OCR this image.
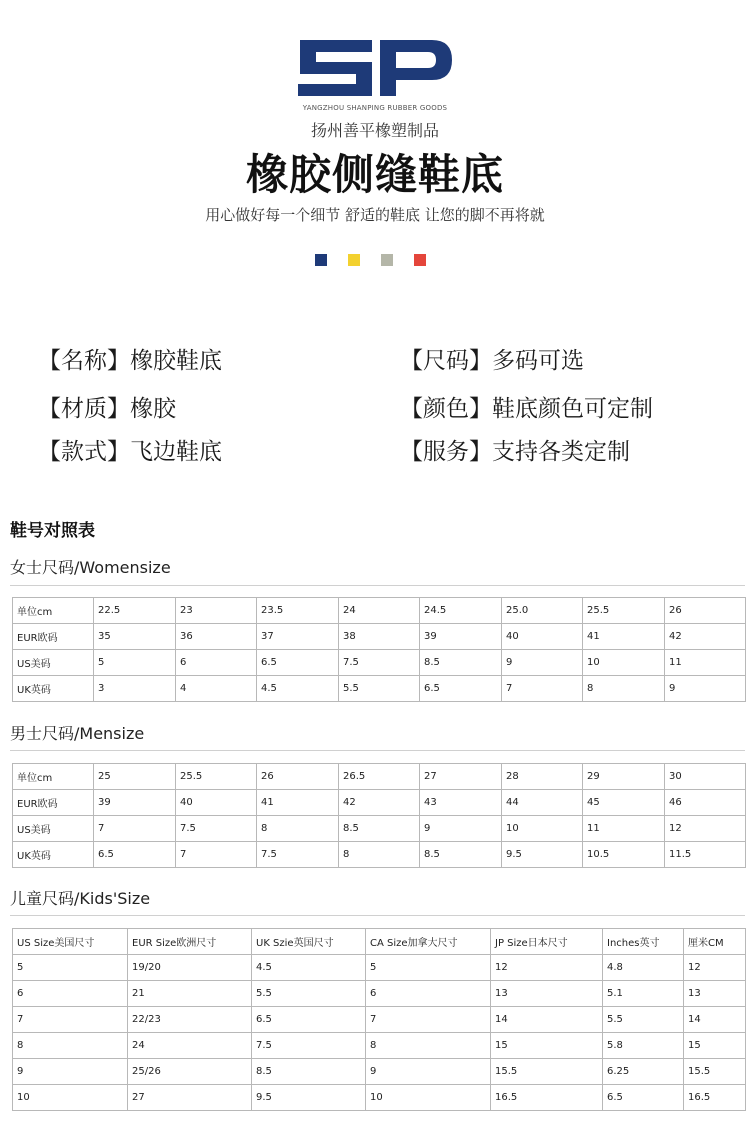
YANGZHOU SHANPING RUBBER GOODS
扬州善平橡塑制品
橡胶侧缝鞋底
用心做好每一个细节 舒适的鞋底 让您的脚不再将就
【名称】橡胶鞋底	【尺码】多码可选
【材质】橡胶	【颜色】鞋底颜色可定制
【款式】飞边鞋底	【服务】支持各类定制
鞋号对照表
女士尺码/Womensize
单位cm	22.5	23	23.5	24	24.5	25.0	25.5	26
EUR欧码	35	36	37	38	39	40	41	42
US美码	5	6	6.5	7.5	8.5	9	10	11
UK英码	3	4	4.5	5.5	6.5	7	8	9
男士尺码/Mensize
单位cm	25	25.5	26	26.5	27	28	29	30
EUR欧码	39	40	41	42	43	44	45	46
US美码	7	7.5	8	8.5	9	10	11	12
UK英码	6.5	7	7.5	8	8.5	9.5	10.5	11.5
儿童尺码/Kids'Size
US Size美国尺寸	EUR Size欧洲尺寸	UK Szie英国尺寸	CA Size加拿大尺寸	JP Size日本尺寸	Inches英寸	厘米CM
5	19/20	4.5	5	12	4.8	12
6	21	5.5	6	13	5.1	13
7	22/23	6.5	7	14	5.5	14
8	24	7.5	8	15	5.8	15
9	25/26	8.5	9	15.5	6.25	15.5
10	27	9.5	10	16.5	6.5	16.5
